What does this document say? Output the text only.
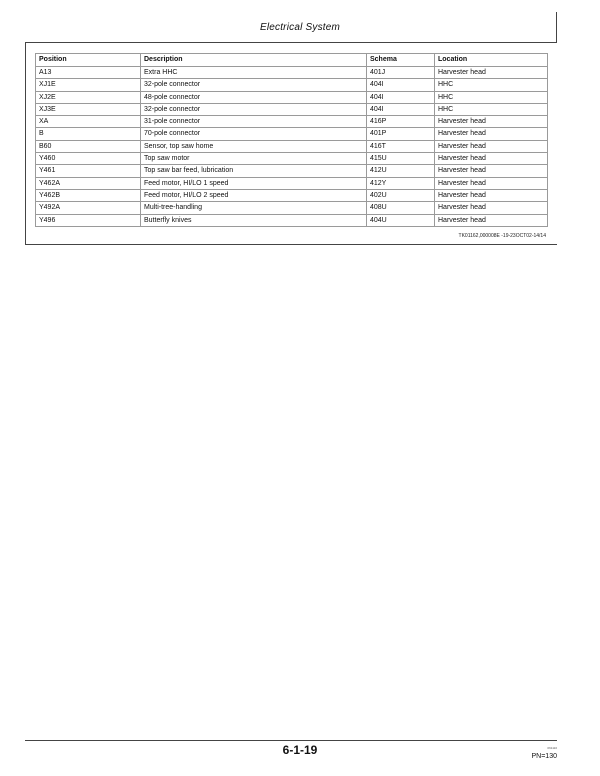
Electrical System
Position	Description	Schema	Location
A13	Extra HHC	401J	Harvester head
XJ1E	32-pole connector	404I	HHC
XJ2E	48-pole connector	404I	HHC
XJ3E	32-pole connector	404I	HHC
XA	31-pole connector	416P	Harvester head
B	70-pole connector	401P	Harvester head
B60	Sensor, top saw home	416T	Harvester head
Y460	Top saw motor	415U	Harvester head
Y461	Top saw bar feed, lubrication	412U	Harvester head
Y462A	Feed motor, HI/LO 1 speed	412Y	Harvester head
Y462B	Feed motor, HI/LO 2 speed	402U	Harvester head
Y492A	Multi-tree-handling	408U	Harvester head
Y496	Butterfly knives	404U	Harvester head
TK01162,000008E -19-23OCT02-14/14
6-1-19	061110
PN=130
